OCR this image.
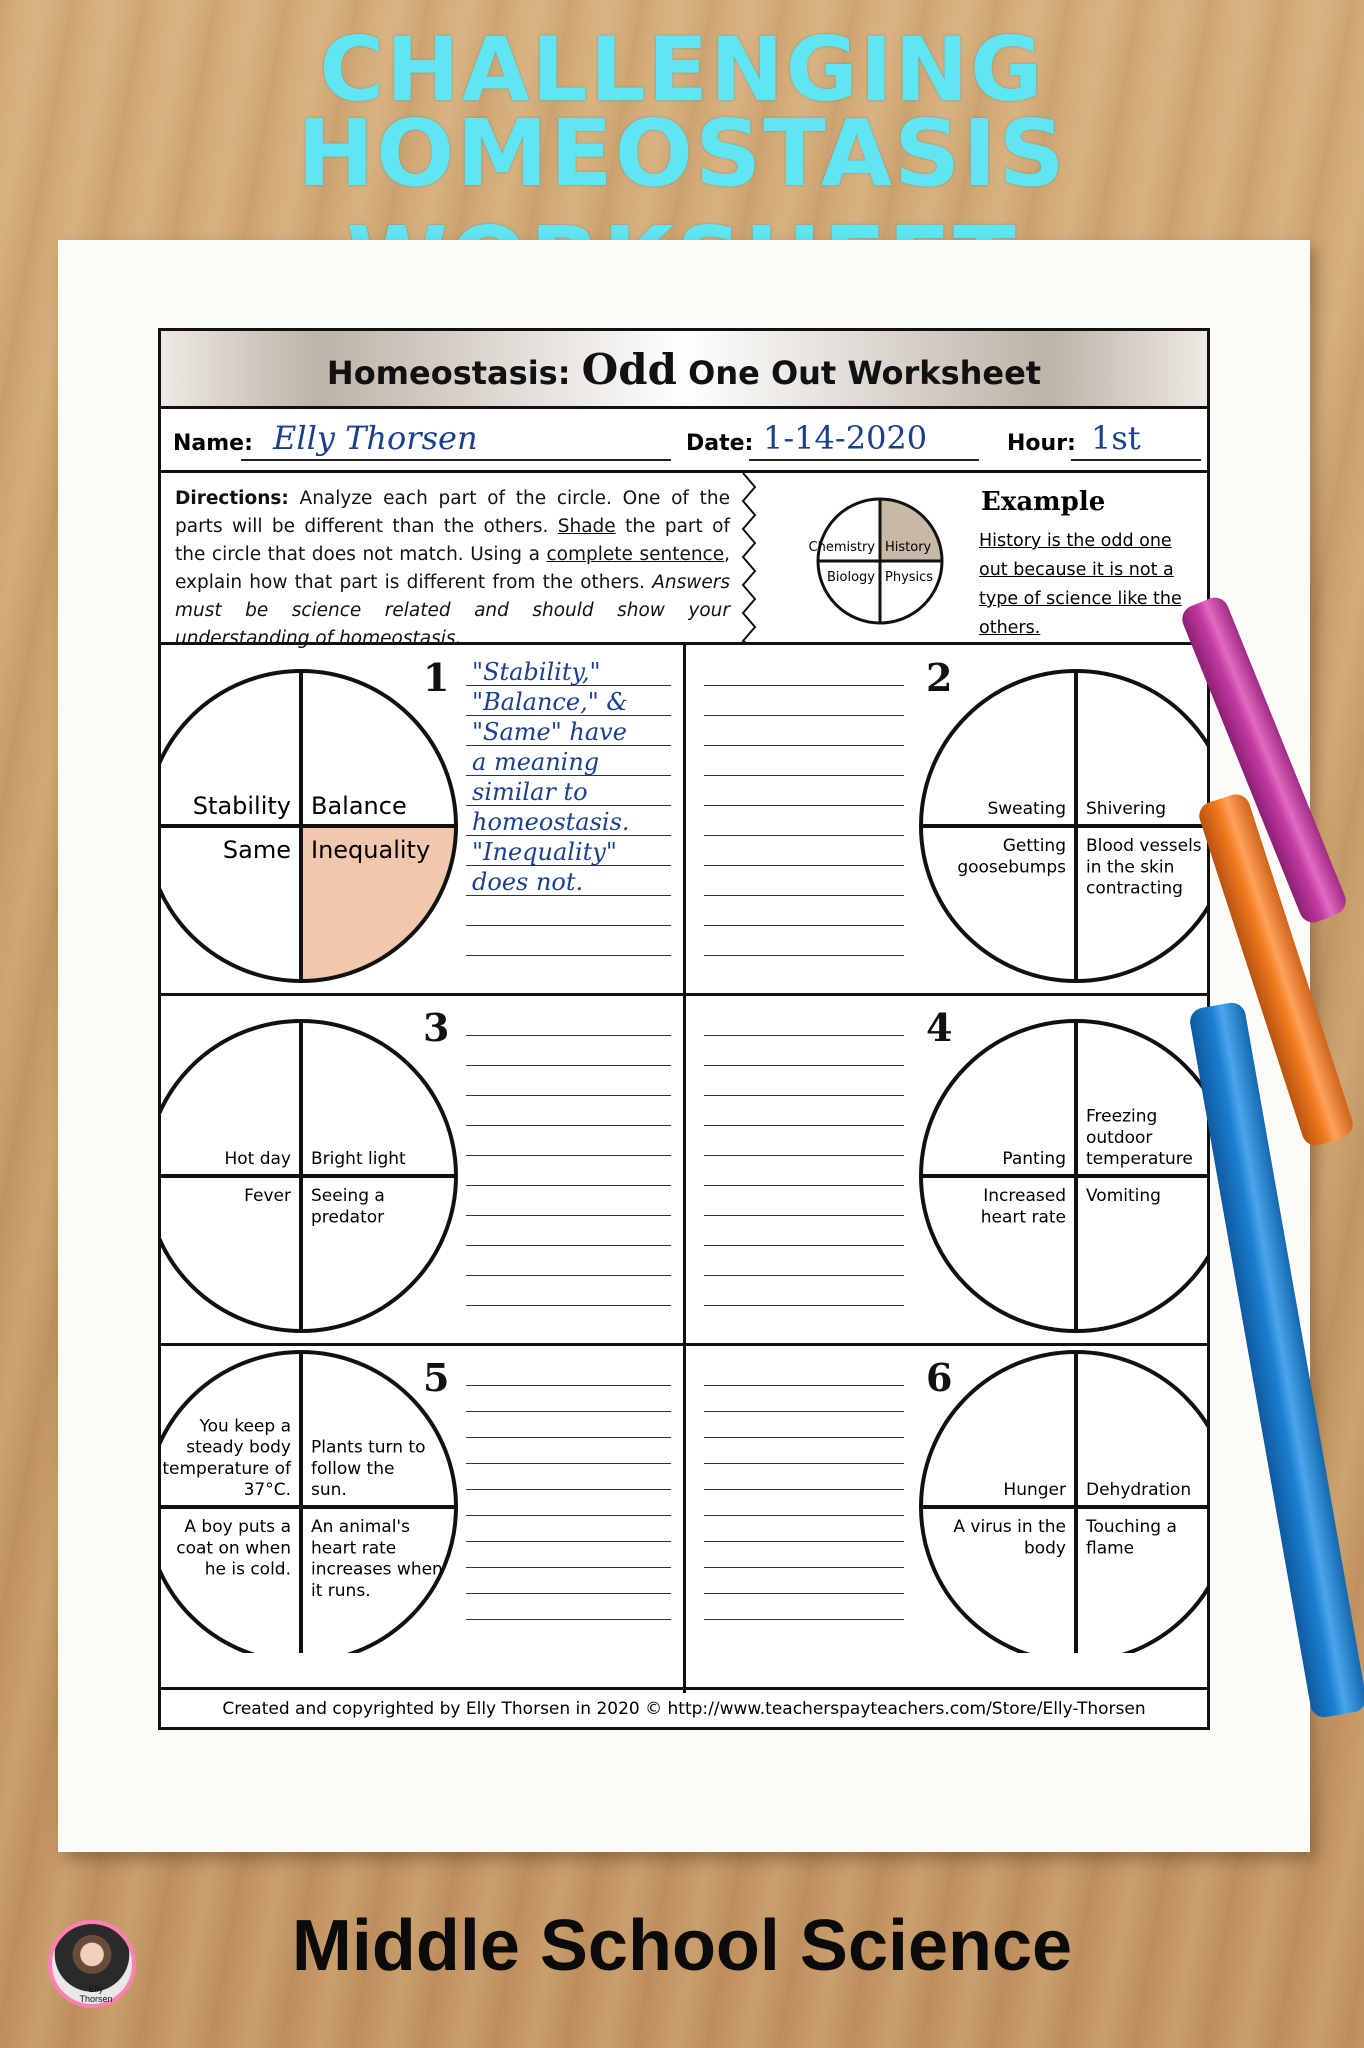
CHALLENGING
HOMEOSTASIS
Homeostasis: Odd One Out Worksheet
Name: Elly Thorsen	Date: 1-14-2020	Hour: 1st
Directions: Analyze each part of the circle. One of the parts will be different than the others. Shade the part of the circle that does not match. Using a complete sentence, explain how that part is different from the others. Answers must be science related and should show your understanding of homeostasis.
Chemistry History
Biology Physics
Example
History is the odd one out because it is not a type of science like the others.
Stability Balance
Same Inequality
1 "Stability,"
"Balance," &
"Same" have
a meaning
similar to
homeostasis.
"Inequality"
does not.
Sweating Shivering
Getting goosebumps
Blood vessels in the skin contracting
2
Hot day Bright light
Fever Seeing a predator
3
Panting
Freezing outdoor temperature
Increased heart rate
Vomiting
4
You keep a steady body temperature of 37°C.
Plants turn to follow the sun.
A boy puts a coat on when he is cold.
An animal's heart rate increases when it runs.
5
Hunger Dehydration
A virus in the body
Touching a flame
6
Created and copyrighted by Elly Thorsen in 2020 © http://www.teacherspayteachers.com/Store/Elly-Thorsen
Middle School Science
Elly Thorsen
